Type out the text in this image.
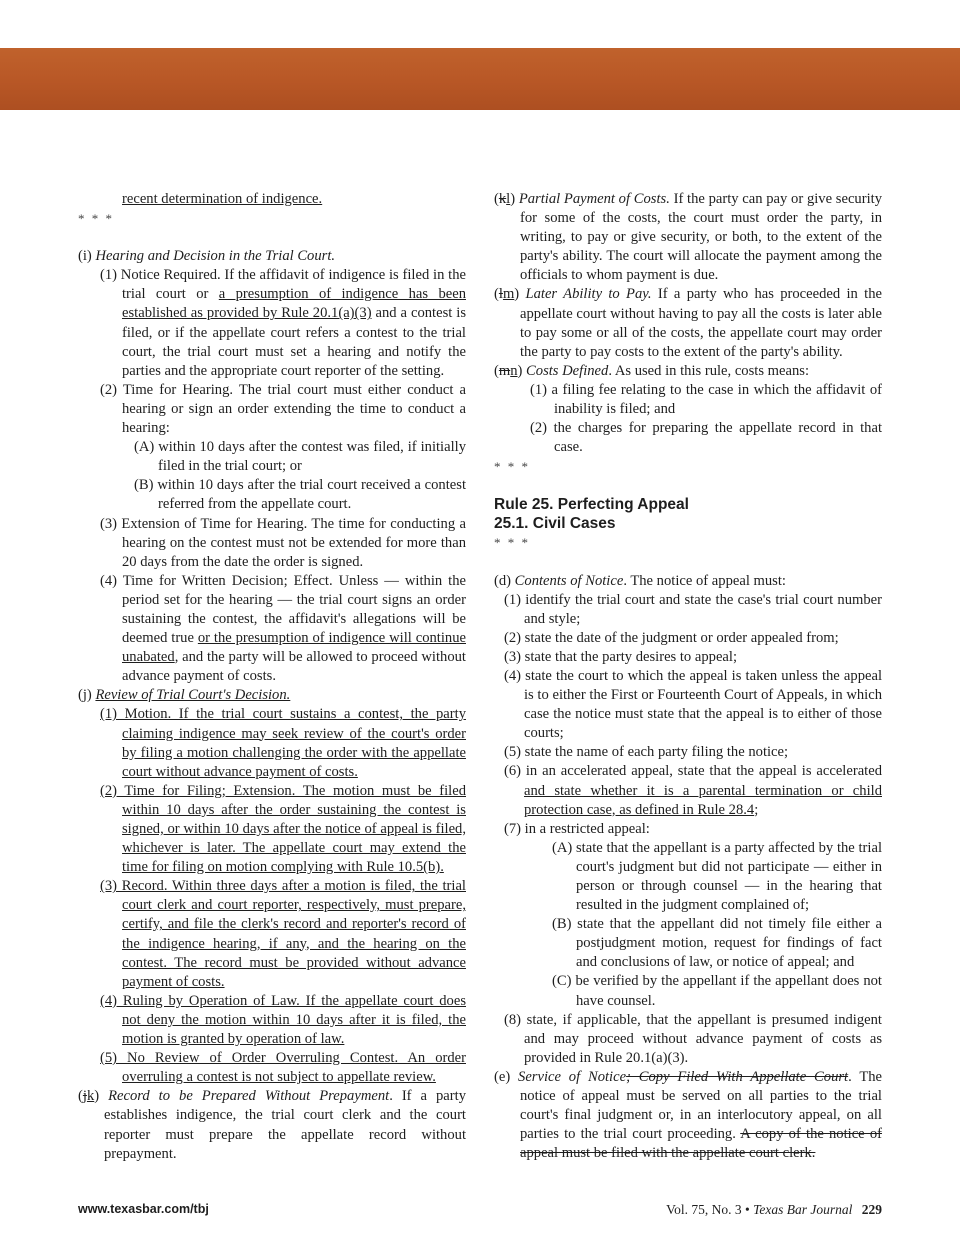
recent determination of indigence.

* * *

(i) Hearing and Decision in the Trial Court.

(1) Notice Required. If the affidavit of indigence is filed in the trial court or a presumption of indigence has been established as provided by Rule 20.1(a)(3) and a contest is filed, or if the appellate court refers a contest to the trial court, the trial court must set a hearing and notify the parties and the appropriate court reporter of the setting.

(2) Time for Hearing. The trial court must either conduct a hearing or sign an order extending the time to conduct a hearing:

(A) within 10 days after the contest was filed, if initially filed in the trial court; or

(B) within 10 days after the trial court received a contest referred from the appellate court.

(3) Extension of Time for Hearing. The time for conducting a hearing on the contest must not be extended for more than 20 days from the date the order is signed.

(4) Time for Written Decision; Effect. Unless — within the period set for the hearing — the trial court signs an order sustaining the contest, the affidavit's allegations will be deemed true or the presumption of indigence will continue unabated, and the party will be allowed to proceed without advance payment of costs.

(j) Review of Trial Court's Decision.

(1) Motion. If the trial court sustains a contest, the party claiming indigence may seek review of the court's order by filing a motion challenging the order with the appellate court without advance payment of costs.

(2) Time for Filing; Extension. The motion must be filed within 10 days after the order sustaining the contest is signed, or within 10 days after the notice of appeal is filed, whichever is later. The appellate court may extend the time for filing on motion complying with Rule 10.5(b).

(3) Record. Within three days after a motion is filed, the trial court clerk and court reporter, respectively, must prepare, certify, and file the clerk's record and reporter's record of the indigence hearing, if any, and the hearing on the contest. The record must be provided without advance payment of costs.

(4) Ruling by Operation of Law. If the appellate court does not deny the motion within 10 days after it is filed, the motion is granted by operation of law.

(5) No Review of Order Overruling Contest. An order overruling a contest is not subject to appellate review.

(jk) Record to be Prepared Without Prepayment. If a party establishes indigence, the trial court clerk and the court reporter must prepare the appellate record without prepayment.

(kl) Partial Payment of Costs. If the party can pay or give security for some of the costs, the court must order the party, in writing, to pay or give security, or both, to the extent of the party's ability. The court will allocate the payment among the officials to whom payment is due.

(lm) Later Ability to Pay. If a party who has proceeded in the appellate court without having to pay all the costs is later able to pay some or all of the costs, the appellate court may order the party to pay costs to the extent of the party's ability.

(mn) Costs Defined. As used in this rule, costs means:

(1) a filing fee relating to the case in which the affidavit of inability is filed; and

(2) the charges for preparing the appellate record in that case.

* * *

Rule 25. Perfecting Appeal

25.1. Civil Cases

* * *

(d) Contents of Notice. The notice of appeal must:

(1) identify the trial court and state the case's trial court number and style;

(2) state the date of the judgment or order appealed from;

(3) state that the party desires to appeal;

(4) state the court to which the appeal is taken unless the appeal is to either the First or Fourteenth Court of Appeals, in which case the notice must state that the appeal is to either of those courts;

(5) state the name of each party filing the notice;

(6) in an accelerated appeal, state that the appeal is accelerated and state whether it is a parental termination or child protection case, as defined in Rule 28.4;

(7) in a restricted appeal:

(A) state that the appellant is a party affected by the trial court's judgment but did not participate — either in person or through counsel — in the hearing that resulted in the judgment complained of;

(B) state that the appellant did not timely file either a postjudgment motion, request for findings of fact and conclusions of law, or notice of appeal; and

(C) be verified by the appellant if the appellant does not have counsel.

(8) state, if applicable, that the appellant is presumed indigent and may proceed without advance payment of costs as provided in Rule 20.1(a)(3).

(e) Service of Notice; Copy Filed With Appellate Court. The notice of appeal must be served on all parties to the trial court's final judgment or, in an interlocutory appeal, on all parties to the trial court proceeding. A copy of the notice of appeal must be filed with the appellate court clerk.

www.texasbar.com/tbj	Vol. 75, No. 3 • Texas Bar Journal 229
